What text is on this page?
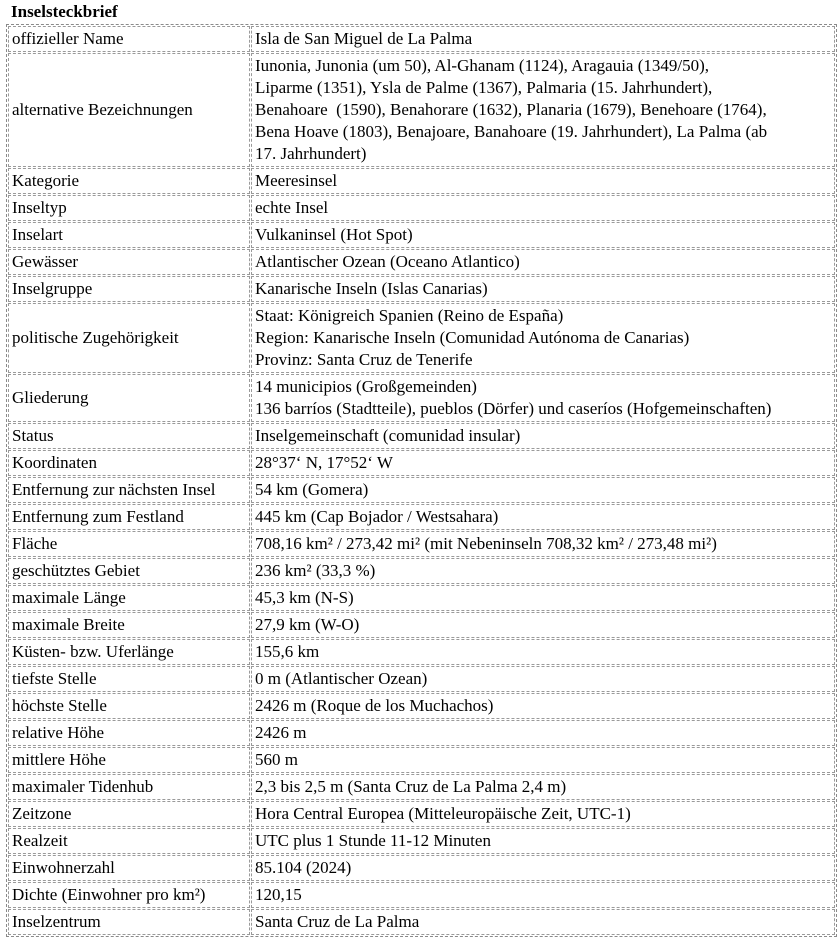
Inselsteckbrief
offizieller Name	Isla de San Miguel de La Palma

alternative Bezeichnungen	Iunonia, Junonia (um 50), Al-Ghanam (1124), Aragauia (1349/50),
Liparme (1351), Ysla de Palme (1367), Palmaria (15. Jahrhundert),
Benahoare  (1590), Benahorare (1632), Planaria (1679), Benehoare (1764),
Bena Hoave (1803), Benajoare, Banahoare (19. Jahrhundert), La Palma (ab
17. Jahrhundert)

Kategorie	Meeresinsel

Inseltyp	echte Insel

Inselart	Vulkaninsel (Hot Spot)

Gewässer	Atlantischer Ozean (Oceano Atlantico)

Inselgruppe	Kanarische Inseln (Islas Canarias)

politische Zugehörigkeit	Staat: Königreich Spanien (Reino de España)
Region: Kanarische Inseln (Comunidad Autónoma de Canarias)
Provinz: Santa Cruz de Tenerife

Gliederung	14 municipios (Großgemeinden)
136 barríos (Stadtteile), pueblos (Dörfer) und caseríos (Hofgemeinschaften)

Status	Inselgemeinschaft (comunidad insular)

Koordinaten	28°37‘ N, 17°52‘ W

Entfernung zur nächsten Insel	54 km (Gomera)

Entfernung zum Festland	445 km (Cap Bojador / Westsahara)

Fläche	708,16 km² / 273,42 mi² (mit Nebeninseln 708,32 km² / 273,48 mi²)

geschütztes Gebiet	236 km² (33,3 %)

maximale Länge	45,3 km (N-S)

maximale Breite	27,9 km (W-O)

Küsten- bzw. Uferlänge	155,6 km

tiefste Stelle	0 m (Atlantischer Ozean)

höchste Stelle	2426 m (Roque de los Muchachos)

relative Höhe	2426 m

mittlere Höhe	560 m

maximaler Tidenhub	2,3 bis 2,5 m (Santa Cruz de La Palma 2,4 m)

Zeitzone	Hora Central Europea (Mitteleuropäische Zeit, UTC-1)

Realzeit	UTC plus 1 Stunde 11-12 Minuten

Einwohnerzahl	85.104 (2024)

Dichte (Einwohner pro km²)	120,15

Inselzentrum	Santa Cruz de La Palma
